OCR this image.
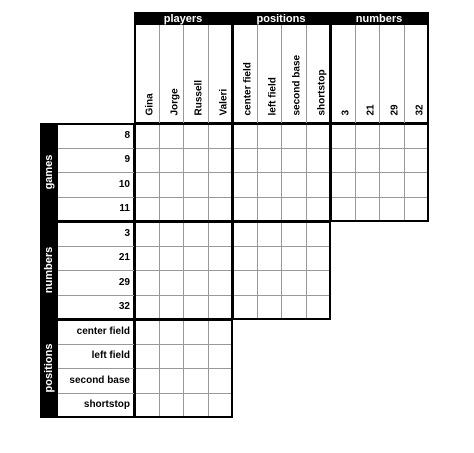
players
Gina Jorge Russell Valeri
positions
center field left field second base shortstop
numbers
3 21 29 32
games
8
9
10
11
numbers
3
21
29
32
positions
center field
left field
second base
shortstop
